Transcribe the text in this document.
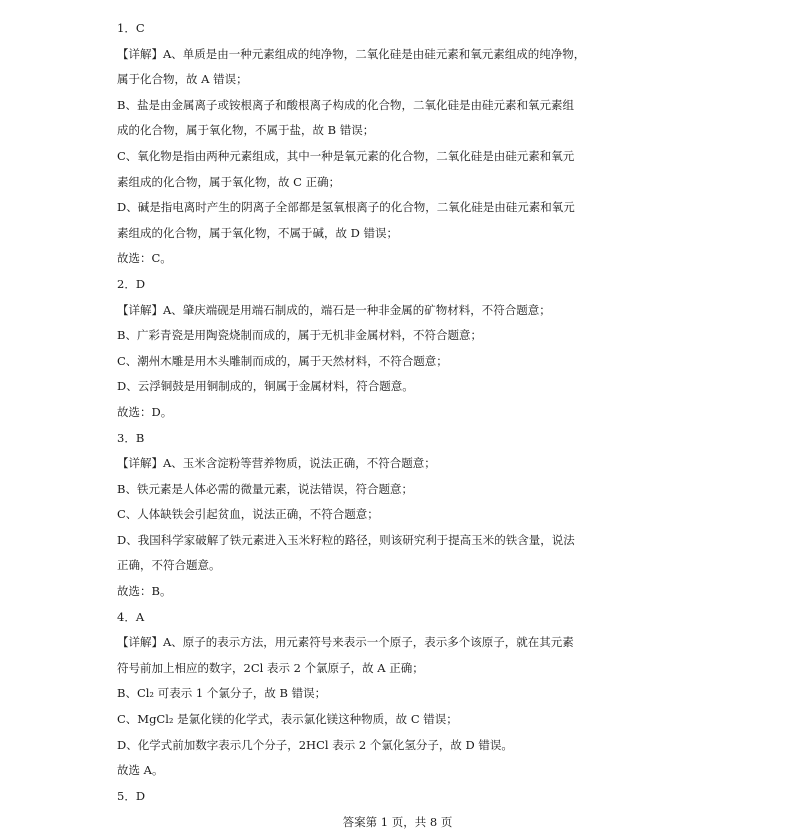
1．C
【详解】A、单质是由一种元素组成的纯净物，二氧化硅是由硅元素和氧元素组成的纯净物，
属于化合物，故 A 错误；
B、盐是由金属离子或铵根离子和酸根离子构成的化合物，二氧化硅是由硅元素和氧元素组
成的化合物，属于氧化物，不属于盐，故 B 错误；
C、氧化物是指由两种元素组成，其中一种是氧元素的化合物，二氧化硅是由硅元素和氧元
素组成的化合物，属于氧化物，故 C 正确；
D、碱是指电离时产生的阴离子全部都是氢氧根离子的化合物，二氧化硅是由硅元素和氧元
素组成的化合物，属于氧化物，不属于碱，故 D 错误；
故选：C。
2．D
【详解】A、肇庆端砚是用端石制成的，端石是一种非金属的矿物材料，不符合题意；
B、广彩青瓷是用陶瓷烧制而成的，属于无机非金属材料，不符合题意；
C、潮州木雕是用木头雕制而成的，属于天然材料，不符合题意；
D、云浮铜鼓是用铜制成的，铜属于金属材料，符合题意。
故选：D。
3．B
【详解】A、玉米含淀粉等营养物质，说法正确，不符合题意；
B、铁元素是人体必需的微量元素，说法错误，符合题意；
C、人体缺铁会引起贫血，说法正确，不符合题意；
D、我国科学家破解了铁元素进入玉米籽粒的路径，则该研究利于提高玉米的铁含量，说法
正确，不符合题意。
故选：B。
4．A
【详解】A、原子的表示方法，用元素符号来表示一个原子，表示多个该原子，就在其元素
符号前加上相应的数字，2Cl 表示 2 个氯原子，故 A 正确；
B、Cl₂ 可表示 1 个氯分子，故 B 错误；
C、MgCl₂ 是氯化镁的化学式，表示氯化镁这种物质，故 C 错误；
D、化学式前加数字表示几个分子，2HCl 表示 2 个氯化氢分子，故 D 错误。
故选 A。
5．D
答案第 1 页，共 8 页
